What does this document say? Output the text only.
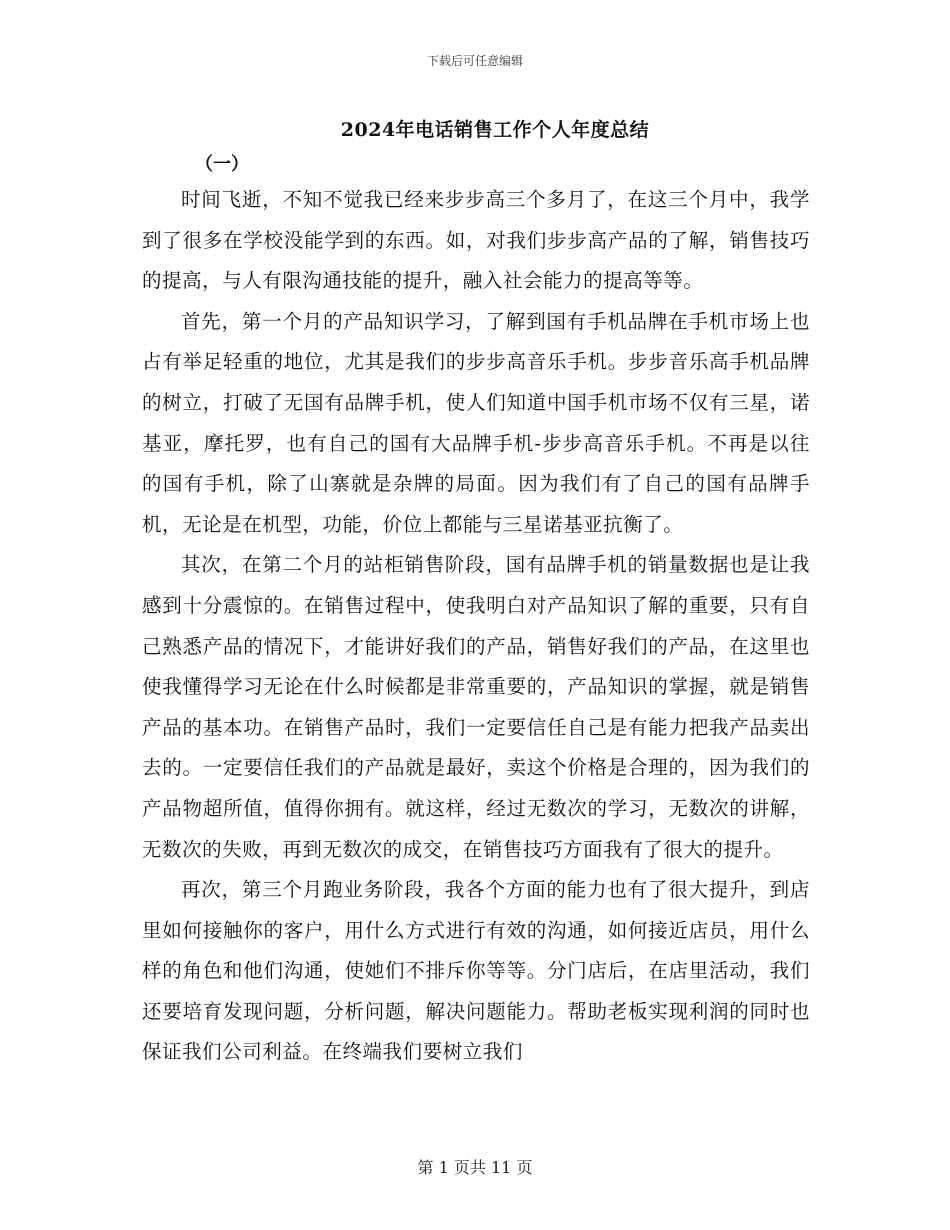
下载后可任意编辑
2024年电话销售工作个人年度总结
（一）

时间飞逝，不知不觉我已经来步步高三个多月了，在这三个月中，我学到了很多在学校没能学到的东西。如，对我们步步高产品的了解，销售技巧的提高，与人有限沟通技能的提升，融入社会能力的提高等等。

首先，第一个月的产品知识学习，了解到国有手机品牌在手机市场上也占有举足轻重的地位，尤其是我们的步步高音乐手机。步步音乐高手机品牌的树立，打破了无国有品牌手机，使人们知道中国手机市场不仅有三星，诺基亚，摩托罗，也有自己的国有大品牌手机-步步高音乐手机。不再是以往的国有手机，除了山寨就是杂牌的局面。因为我们有了自己的国有品牌手机，无论是在机型，功能，价位上都能与三星诺基亚抗衡了。

其次，在第二个月的站柜销售阶段，国有品牌手机的销量数据也是让我感到十分震惊的。在销售过程中，使我明白对产品知识了解的重要，只有自己熟悉产品的情况下，才能讲好我们的产品，销售好我们的产品，在这里也使我懂得学习无论在什么时候都是非常重要的，产品知识的掌握，就是销售产品的基本功。在销售产品时，我们一定要信任自己是有能力把我产品卖出去的。一定要信任我们的产品就是最好，卖这个价格是合理的，因为我们的产品物超所值，值得你拥有。就这样，经过无数次的学习，无数次的讲解，无数次的失败，再到无数次的成交，在销售技巧方面我有了很大的提升。

再次，第三个月跑业务阶段，我各个方面的能力也有了很大提升，到店里如何接触你的客户，用什么方式进行有效的沟通，如何接近店员，用什么样的角色和他们沟通，使她们不排斥你等等。分门店后，在店里活动，我们还要培育发现问题，分析问题，解决问题能力。帮助老板实现利润的同时也保证我们公司利益。在终端我们要树立我们

第 1 页共 11 页
